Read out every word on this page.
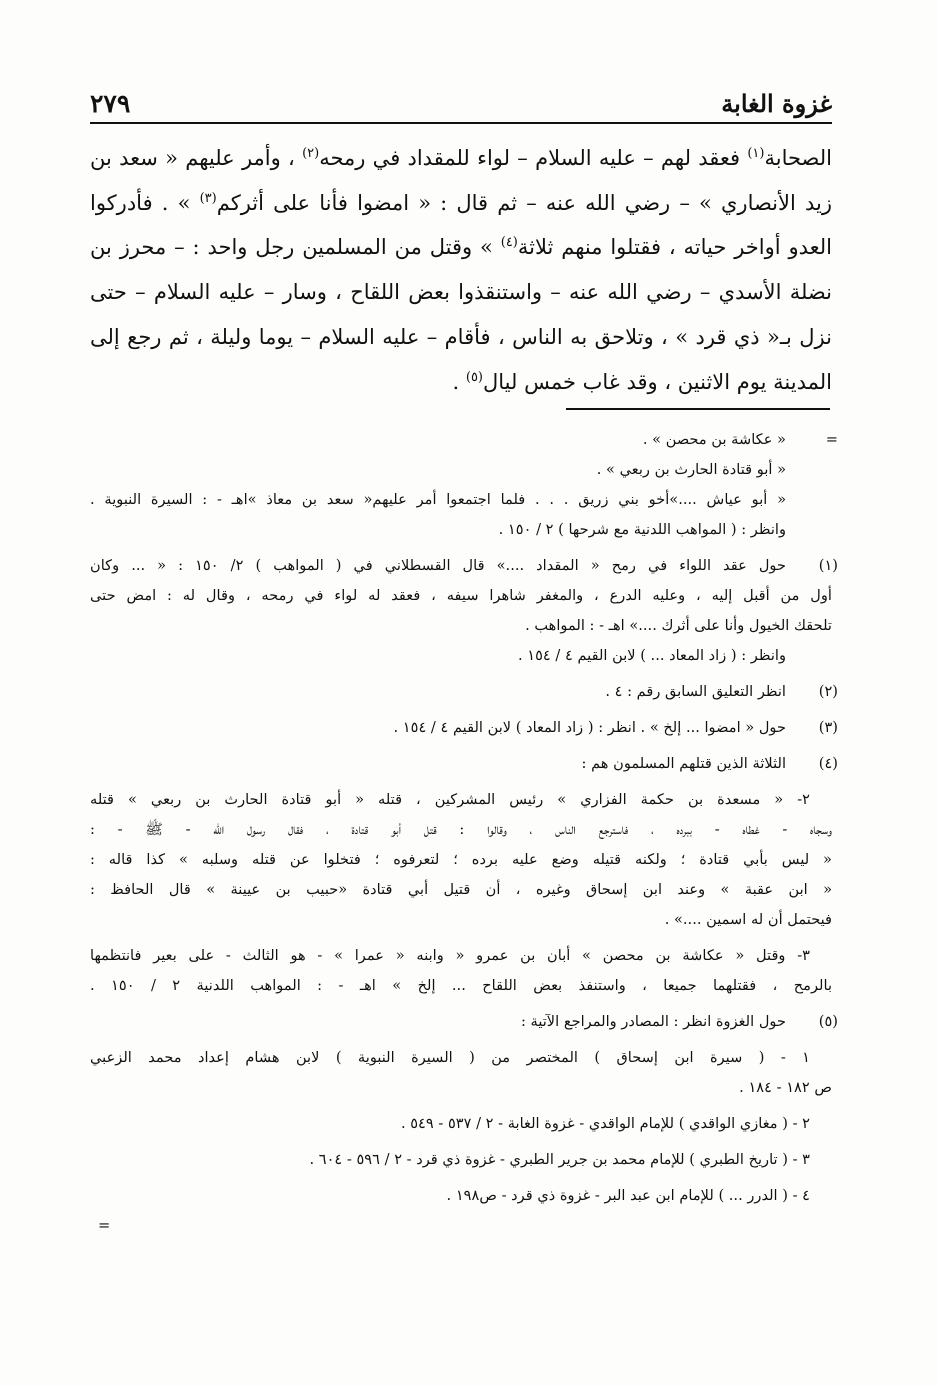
غزوة الغابة
٢٧٩
الصحابة$^{(١)}$ فعقد لهم – عليه السلام – لواء للمقداد في رمحه$^{(٢)}$ ، وأمر عليهم « سعد بن زيد الأنصاري » – رضي الله عنه – ثم قال : « امضوا فأنا على أثركم$^{(٣)}$ » . فأدركوا العدو أواخر حياته ، فقتلوا منهم ثلاثة$^{(٤)}$ » وقتل من المسلمين رجل واحد : – محرز بن نضلة الأسدي – رضي الله عنه – واستنقذوا بعض اللقاح ، وسار – عليه السلام – حتى نزل بـ« ذي قرد » ، وتلاحق به الناس ، فأقام – عليه السلام – يوما وليلة ، ثم رجع إلى المدينة يوم الاثنين ، وقد غاب خمس ليال$^{(٥)}$ .
=
« عكاشة بن محصن » .
« أبو قتادة الحارث بن ربعي » .
« أبو عياش ....»أخو بني زريق . . . فلما اجتمعوا أمر عليهم« سعد بن معاذ »اهـ - : السيرة النبوية .
وانظر : ( المواهب اللدنية مع شرحها ) ٢ / ١٥٠ .
(١)
حول عقد اللواء في رمح « المقداد ....» قال القسطلاني في ( المواهب ) ٢/ ١٥٠ : « ... وكان
أول من أقبل إليه ، وعليه الدرع ، والمغفر شاهرا سيفه ، فعقد له لواء في رمحه ، وقال له : امض حتى
تلحقك الخيول وأنا على أثرك ....» اهـ - : المواهب .
وانظر : ( زاد المعاد ... ) لابن القيم ٤ / ١٥٤ .
(٢)
انظر التعليق السابق رقم : ٤ .
(٣)
حول « امضوا ... إلخ » . انظر : ( زاد المعاد ) لابن القيم ٤ / ١٥٤ .
(٤)
الثلاثة الذين قتلهم المسلمون هم :
٢- « مسعدة بن حكمة الفزاري » رئيس المشركين ، قتله « أبو قتادة الحارث بن ربعي » قتله
وسجاه - غطاه - ببرده ، فاسترجع الناس ، وقالوا : قتل أبو قتادة ، فقال رسول الله - ﷺ - :
« ليس بأبي قتادة ؛ ولكنه قتيله وضع عليه برده ؛ لتعرفوه ؛ فتخلوا عن قتله وسلبه » كذا قاله :
« ابن عقبة » وعند ابن إسحاق وغيره ، أن قتيل أبي قتادة «حبيب بن عيينة » قال الحافظ :
فيحتمل أن له اسمين ....» .
٣- وقتل « عكاشة بن محصن » أبان بن عمرو « وابنه « عمرا » - هو الثالث - على بعير فانتظمها
بالرمح ، فقتلهما جميعا ، واستنفذ بعض اللقاح ... إلخ » اهـ - : المواهب اللدنية ٢ / ١٥٠ .
(٥)
حول الغزوة انظر : المصادر والمراجع الآتية :
١ - ( سيرة ابن إسحاق ) المختصر من ( السيرة النبوية ) لابن هشام إعداد محمد الزعبي
ص ١٨٢ - ١٨٤ .
٢ - ( مغازي الواقدي ) للإمام الواقدي - غزوة الغابة - ٢ / ٥٣٧ - ٥٤٩ .
٣ - ( تاريخ الطبري ) للإمام محمد بن جرير الطبري - غزوة ذي قرد - ٢ / ٥٩٦ - ٦٠٤ .
٤ - ( الدرر ... ) للإمام ابن عبد البر - غزوة ذي قرد - ص١٩٨ .
=
